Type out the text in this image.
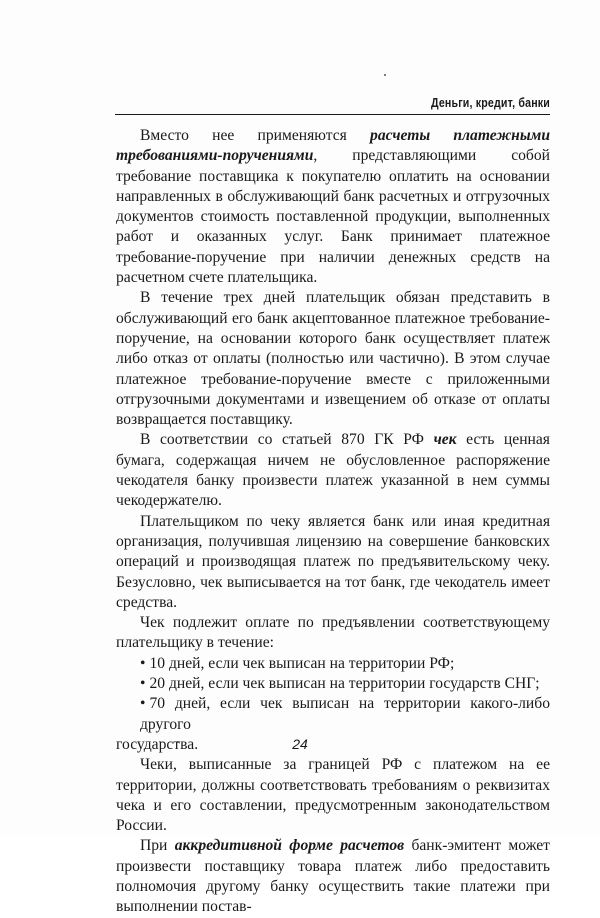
Деньги, кредит, банки

Вместо нее применяются расчеты платежными требованиями-поручениями, представляющими собой требование поставщика к покупателю оплатить на основании направленных в обслуживающий банк расчетных и отгрузочных документов стоимость поставленной продукции, выполненных работ и оказанных услуг. Банк принимает платежное требование-поручение при наличии денежных средств на расчетном счете плательщика.

В течение трех дней плательщик обязан представить в обслуживающий его банк акцептованное платежное требование-поручение, на основании которого банк осуществляет платеж либо отказ от оплаты (полностью или частично). В этом случае платежное требование-поручение вместе с приложенными отгрузочными документами и извещением об отказе от оплаты возвращается поставщику.

В соответствии со статьей 870 ГК РФ чек есть ценная бумага, содержащая ничем не обусловленное распоряжение чекодателя банку произвести платеж указанной в нем суммы чекодержателю.

Плательщиком по чеку является банк или иная кредитная организация, получившая лицензию на совершение банковских операций и производящая платеж по предъявительскому чеку. Безусловно, чек выписывается на тот банк, где чекодатель имеет средства.

Чек подлежит оплате по предъявлении соответствующему плательщику в течение:

• 10 дней, если чек выписан на территории РФ;

• 20 дней, если чек выписан на территории государств СНГ;

• 70 дней, если чек выписан на территории какого-либо другого
государства.

Чеки, выписанные за границей РФ с платежом на ее территории, должны соответствовать требованиям о реквизитах чека и его составлении, предусмотренным законодательством России.

При аккредитивной форме расчетов банк-эмитент может произвести поставщику товара платеж либо предоставить полномочия другому банку осуществить такие платежи при выполнении постав-

24
